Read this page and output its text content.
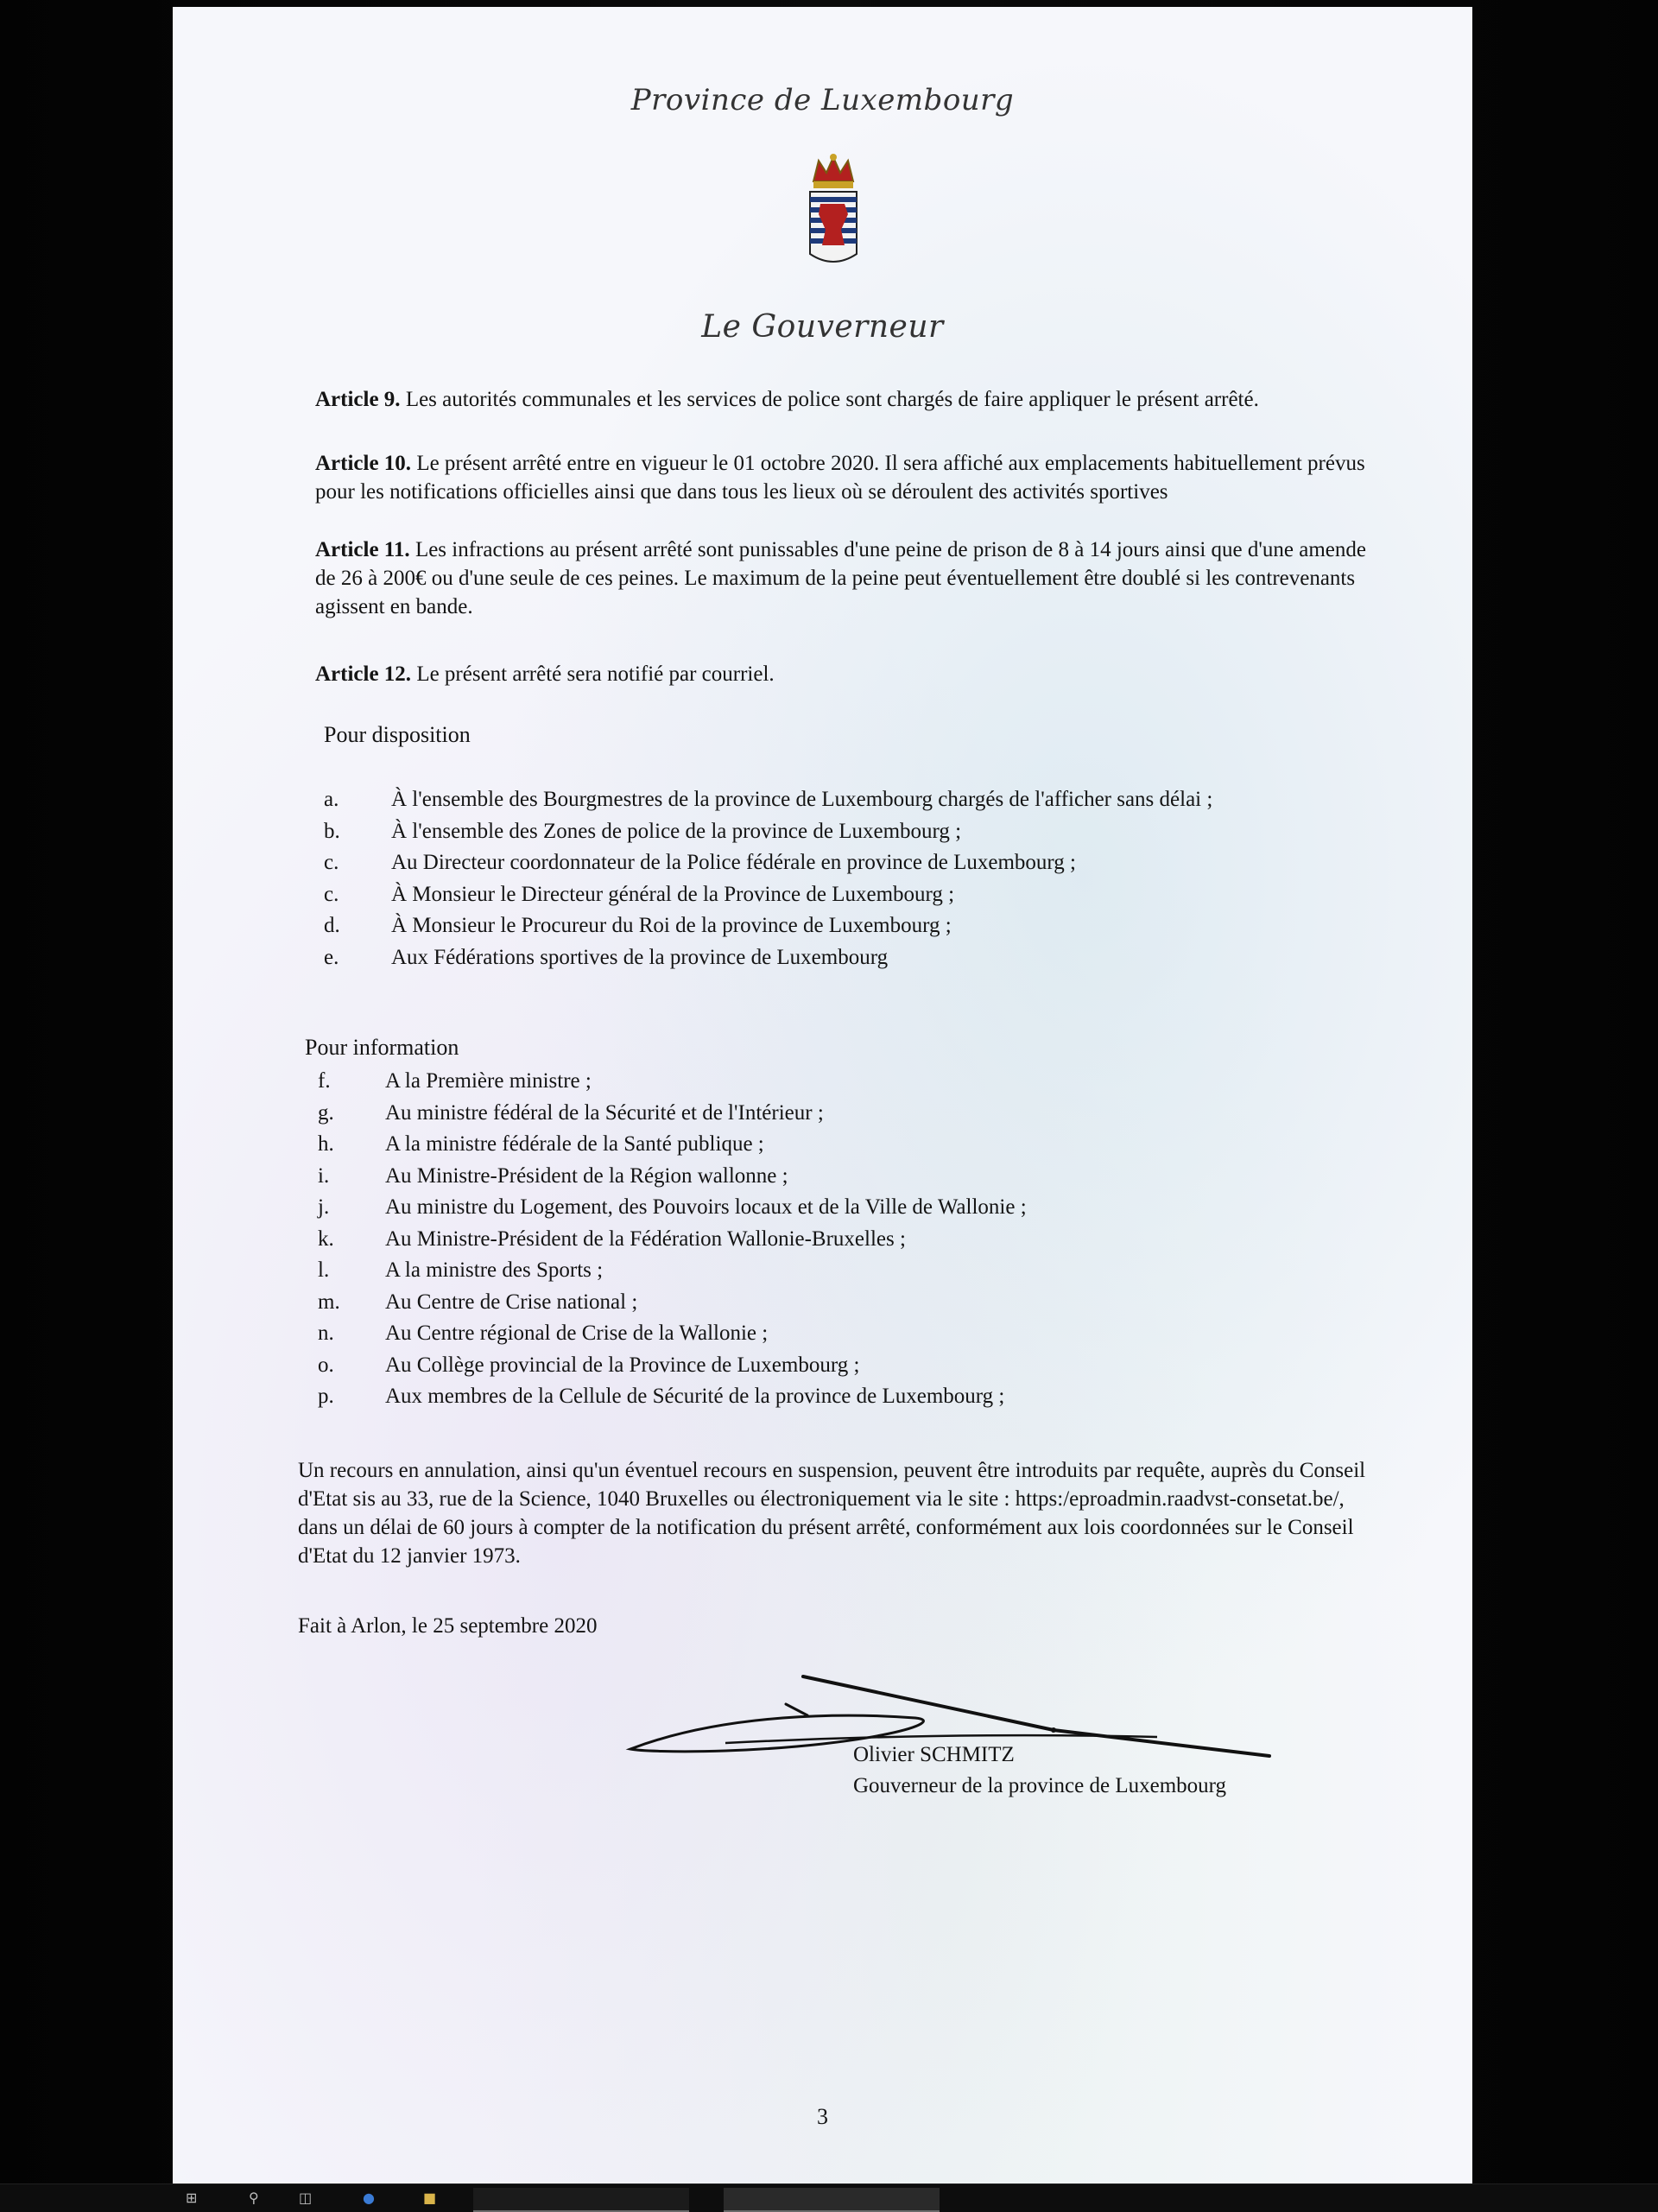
Province de Luxembourg
Le Gouverneur
Article 9. Les autorités communales et les services de police sont chargés de faire appliquer le présent arrêté.
Article 10. Le présent arrêté entre en vigueur le 01 octobre 2020. Il sera affiché aux emplacements habituellement prévus pour les notifications officielles ainsi que dans tous les lieux où se déroulent des activités sportives
Article 11. Les infractions au présent arrêté sont punissables d'une peine de prison de 8 à 14 jours ainsi que d'une amende de 26 à 200€ ou d'une seule de ces peines. Le maximum de la peine peut éventuellement être doublé si les contrevenants agissent en bande.
Article 12. Le présent arrêté sera notifié par courriel.
Pour disposition
a. À l'ensemble des Bourgmestres de la province de Luxembourg chargés de l'afficher sans délai ;
b. À l'ensemble des Zones de police de la province de Luxembourg ;
c. Au Directeur coordonnateur de la Police fédérale en province de Luxembourg ;
c. À Monsieur le Directeur général de la Province de Luxembourg ;
d. À Monsieur le Procureur du Roi de la province de Luxembourg ;
e. Aux Fédérations sportives de la province de Luxembourg
Pour information
f.	A la Première ministre ;
g. Au ministre fédéral de la Sécurité et de l'Intérieur ;
h. A la ministre fédérale de la Santé publique ;
i.	Au Ministre-Président de la Région wallonne ;
j.	Au ministre du Logement, des Pouvoirs locaux et de la Ville de Wallonie ;
k. Au Ministre-Président de la Fédération Wallonie-Bruxelles ;
l.	A la ministre des Sports ;
m. Au Centre de Crise national ;
n. Au Centre régional de Crise de la Wallonie ;
o. Au Collège provincial de la Province de Luxembourg ;
p. Aux membres de la Cellule de Sécurité de la province de Luxembourg ;
Un recours en annulation, ainsi qu'un éventuel recours en suspension, peuvent être introduits par requête, auprès du Conseil d'Etat sis au 33, rue de la Science, 1040 Bruxelles ou électroniquement via le site : https:/eproadmin.raadvst-consetat.be/, dans un délai de 60 jours à compter de la notification du présent arrêté, conformément aux lois coordonnées sur le Conseil d'Etat du 12 janvier 1973.
Fait à Arlon, le 25 septembre 2020
Olivier SCHMITZ
Gouverneur de la province de Luxembourg
3
⊞	⚲	◫	●	■
